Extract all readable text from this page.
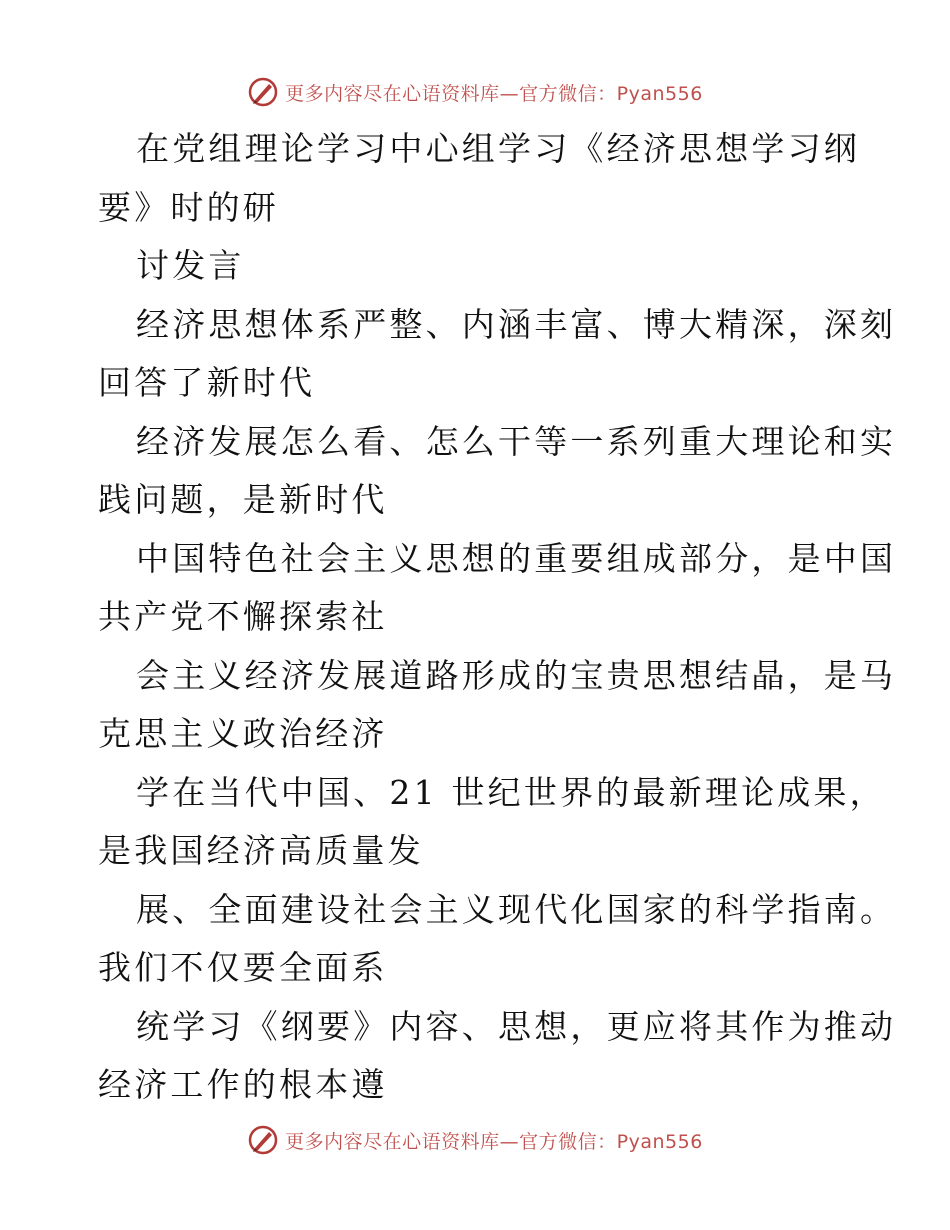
更多内容尽在心语资料库—官方微信：Pyan556
在党组理论学习中心组学习《经济思想学习纲
要》时的研
讨发言
经济思想体系严整、内涵丰富、博大精深，深刻
回答了新时代
经济发展怎么看、怎么干等一系列重大理论和实
践问题，是新时代
中国特色社会主义思想的重要组成部分，是中国
共产党不懈探索社
会主义经济发展道路形成的宝贵思想结晶，是马
克思主义政治经济
学在当代中国、21 世纪世界的最新理论成果，
是我国经济高质量发
展、全面建设社会主义现代化国家的科学指南。
我们不仅要全面系
统学习《纲要》内容、思想，更应将其作为推动
经济工作的根本遵
更多内容尽在心语资料库—官方微信：Pyan556
